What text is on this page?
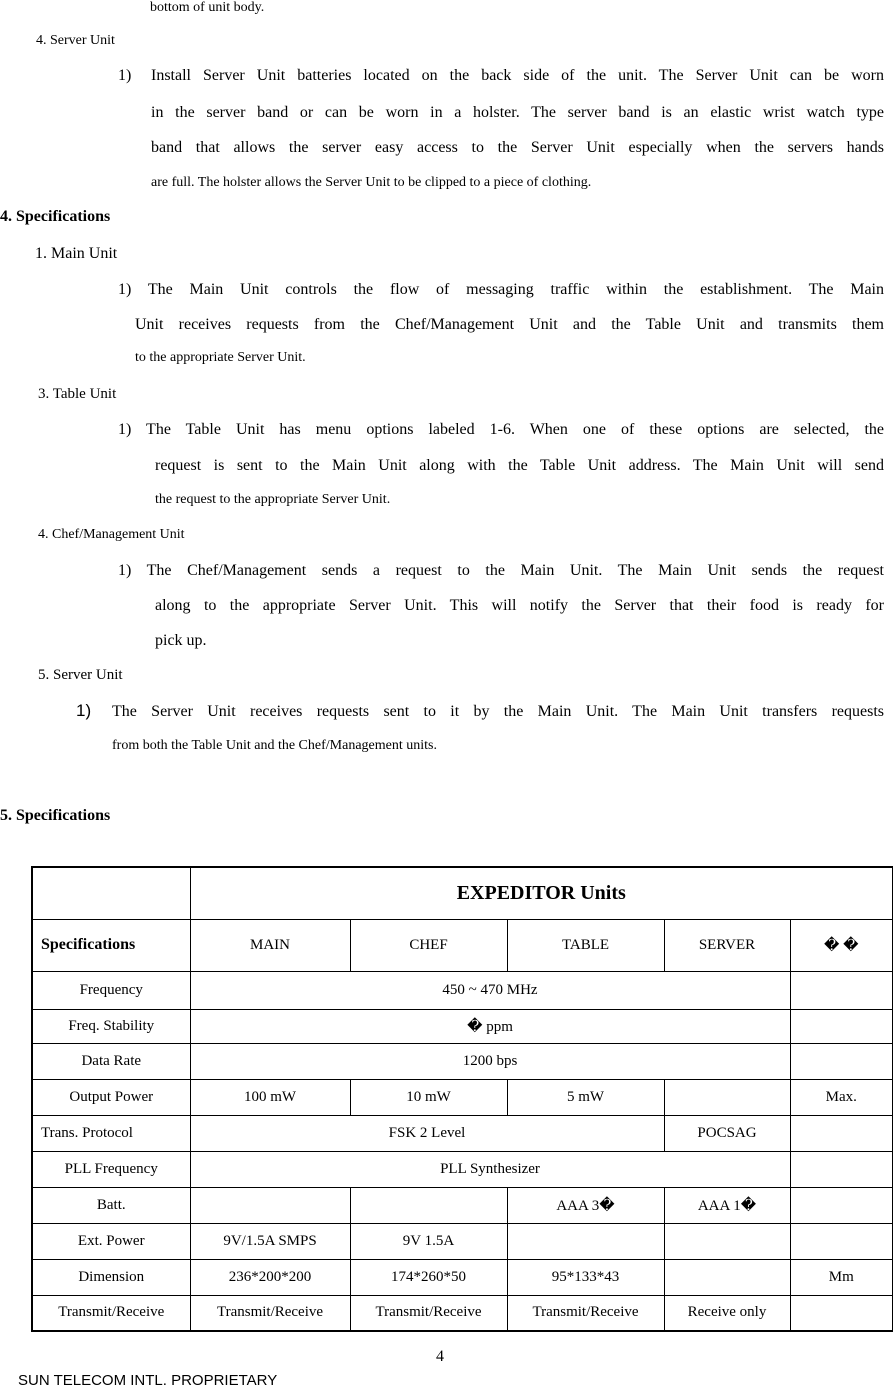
bottom of unit body.
4. Server Unit
1) Install Server Unit batteries located on the back side of the unit. The Server Unit can be worn
in the server band or can be worn in a holster. The server band is an elastic wrist watch type
band that allows the server easy access to the Server Unit especially when the servers hands
are full. The holster allows the Server Unit to be clipped to a piece of clothing.
4. Specifications
1. Main Unit
1) The Main Unit controls the flow of messaging traffic within the establishment. The Main
Unit receives requests from the Chef/Management Unit and the Table Unit and transmits them
to the appropriate Server Unit.
3. Table Unit
1) The Table Unit has menu options labeled 1-6. When one of these options are selected, the
request is sent to the Main Unit along with the Table Unit address. The Main Unit will send
the request to the appropriate Server Unit.
4. Chef/Management Unit
1) The Chef/Management sends a request to the Main Unit. The Main Unit sends the request
along to the appropriate Server Unit. This will notify the Server that their food is ready for
pick up.
5. Server Unit
1) The Server Unit receives requests sent to it by the Main Unit. The Main Unit transfers requests
from both the Table Unit and the Chef/Management units.
5. Specifications
	EXPEDITOR Units				
Specifications	MAIN	CHEF	TABLE	SERVER	� �
Frequency	450 ~ 470 MHz				
Freq. Stability	� ppm				
Data Rate	1200 bps				
Output Power	100 mW	10 mW	5 mW		Max.
Trans. Protocol	FSK 2 Level			POCSAG	
PLL Frequency	PLL Synthesizer				
Batt.			AAA 3�	AAA 1�	
Ext. Power	9V/1.5A SMPS	9V 1.5A			
Dimension	236*200*200	174*260*50	95*133*43		Mm
Transmit/Receive	Transmit/Receive	Transmit/Receive	Transmit/Receive	Receive only	
4
SUN TELECOM INTL. PROPRIETARY
